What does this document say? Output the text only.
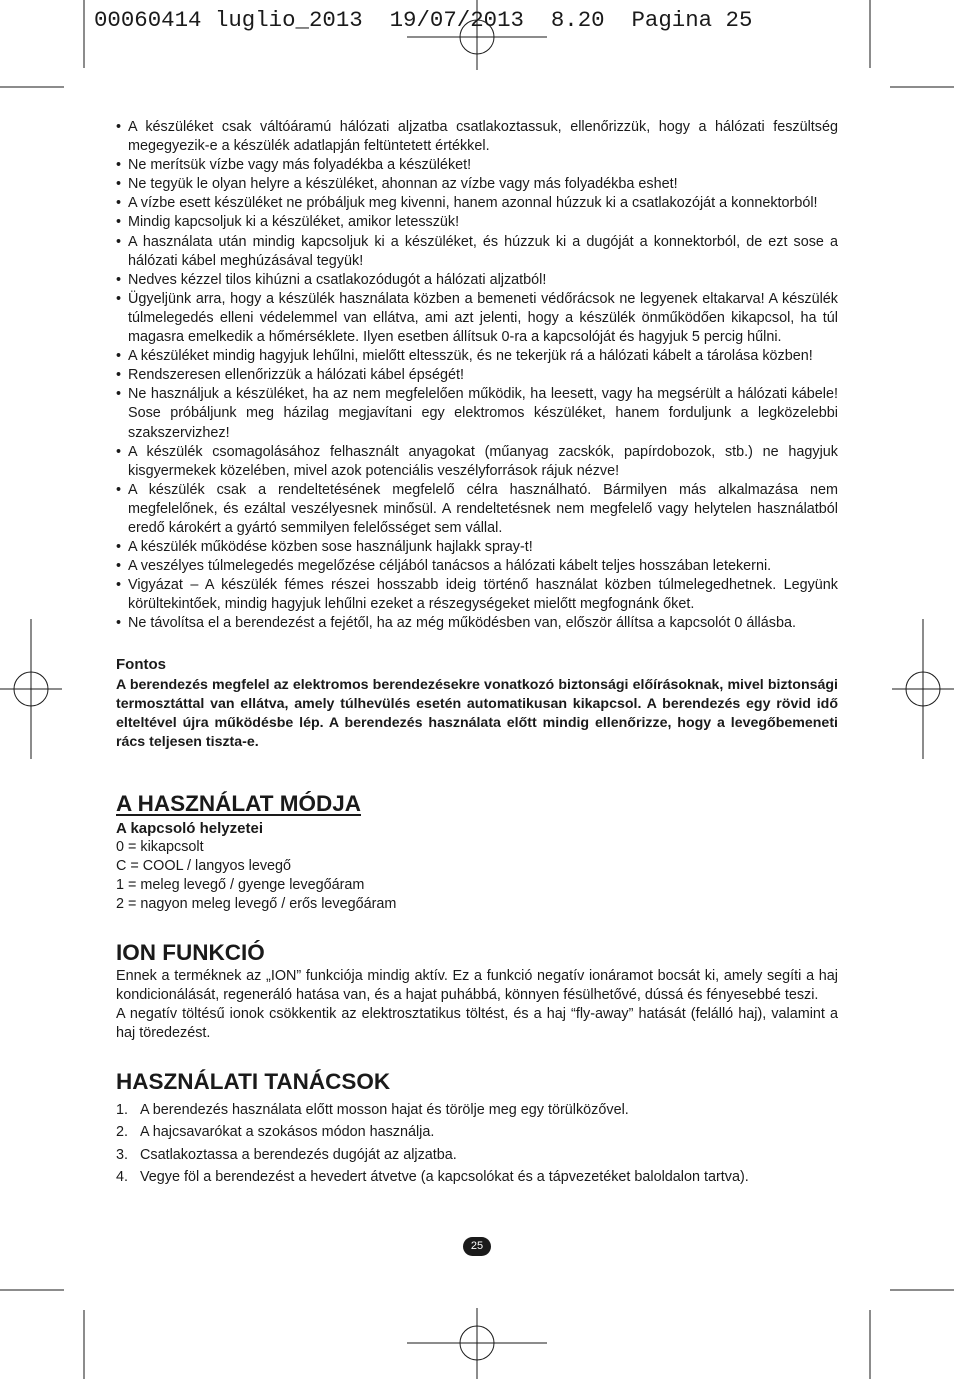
00060414 luglio_2013 19/07/2013 8.20 Pagina 25
• A készüléket csak váltóáramú hálózati aljzatba csatlakoztassuk, ellenőrizzük, hogy a hálózati feszültség megegyezik-e a készülék adatlapján feltüntetett értékkel.
• Ne merítsük vízbe vagy más folyadékba a készüléket!
• Ne tegyük le olyan helyre a készüléket, ahonnan az vízbe vagy más folyadékba eshet!
• A vízbe esett készüléket ne próbáljuk meg kivenni, hanem azonnal húzzuk ki a csatlakozóját a konnektorból!
• Mindig kapcsoljuk ki a készüléket, amikor letesszük!
• A használata után mindig kapcsoljuk ki a készüléket, és húzzuk ki a dugóját a konnektorból, de ezt sose a hálózati kábel meghúzásával tegyük!
• Nedves kézzel tilos kihúzni a csatlakozódugót a hálózati aljzatból!
• Ügyeljünk arra, hogy a készülék használata közben a bemeneti védőrácsok ne legyenek eltakarva! A készülék túlmelegedés elleni védelemmel van ellátva, ami azt jelenti, hogy a készülék önműködően kikapcsol, ha túl magasra emelkedik a hőmérséklete. Ilyen esetben állítsuk 0-ra a kapcsolóját és hagyjuk 5 percig hűlni.
• A készüléket mindig hagyjuk lehűlni, mielőtt eltesszük, és ne tekerjük rá a hálózati kábelt a tárolása közben!
• Rendszeresen ellenőrizzük a hálózati kábel épségét!
• Ne használjuk a készüléket, ha az nem megfelelően működik, ha leesett, vagy ha megsérült a hálózati kábele! Sose próbáljunk meg házilag megjavítani egy elektromos készüléket, hanem forduljunk a legközelebbi szakszervizhez!
• A készülék csomagolásához felhasznált anyagokat (műanyag zacskók, papírdobozok, stb.) ne hagyjuk kisgyermekek közelében, mivel azok potenciális veszélyforrások rájuk nézve!
• A készülék csak a rendeltetésének megfelelő célra használható. Bármilyen más alkalmazása nem megfelelőnek, és ezáltal veszélyesnek minősül. A rendeltetésnek nem megfelelő vagy helytelen használatból eredő károkért a gyártó semmilyen felelősséget sem vállal.
• A készülék működése közben sose használjunk hajlakk spray-t!
• A veszélyes túlmelegedés megelőzése céljából tanácsos a hálózati kábelt teljes hosszában letekerni.
• Vigyázat – A készülék fémes részei hosszabb ideig történő használat közben túlmelegedhetnek. Legyünk körültekintőek, mindig hagyjuk lehűlni ezeket a részegységeket mielőtt megfognánk őket.
• Ne távolítsa el a berendezést a fejétől, ha az még működésben van, először állítsa a kapcsolót 0 állásba.
Fontos
A berendezés megfelel az elektromos berendezésekre vonatkozó biztonsági előírásoknak, mivel biztonsági termosztáttal van ellátva, amely túlhevülés esetén automatikusan kikapcsol. A berendezés egy rövid idő elteltével újra működésbe lép. A berendezés használata előtt mindig ellenőrizze, hogy a levegőbemeneti rács teljesen tiszta-e.
A HASZNÁLAT MÓDJA
A kapcsoló helyzetei
0 = kikapcsolt
C = COOL / langyos levegő
1 = meleg levegő / gyenge levegőáram
2 = nagyon meleg levegő / erős levegőáram
ION FUNKCIÓ

Ennek a terméknek az „ION” funkciója mindig aktív. Ez a funkció negatív ionáramot bocsát ki, amely segíti a haj kondicionálását, regeneráló hatása van, és a hajat puhábbá, könnyen fésülhetővé, dússá és fényesebbé teszi.

A negatív töltésű ionok csökkentik az elektrosztatikus töltést, és a haj “fly-away” hatását (felálló haj), valamint a haj töredezést.

HASZNÁLATI TANÁCSOK
1. A berendezés használata előtt mosson hajat és törölje meg egy törülközővel.
2. A hajcsavarókat a szokásos módon használja.
3. Csatlakoztassa a berendezés dugóját az aljzatba.
4. Vegye föl a berendezést a hevedert átvetve (a kapcsolókat és a tápvezetéket baloldalon tartva).
25
